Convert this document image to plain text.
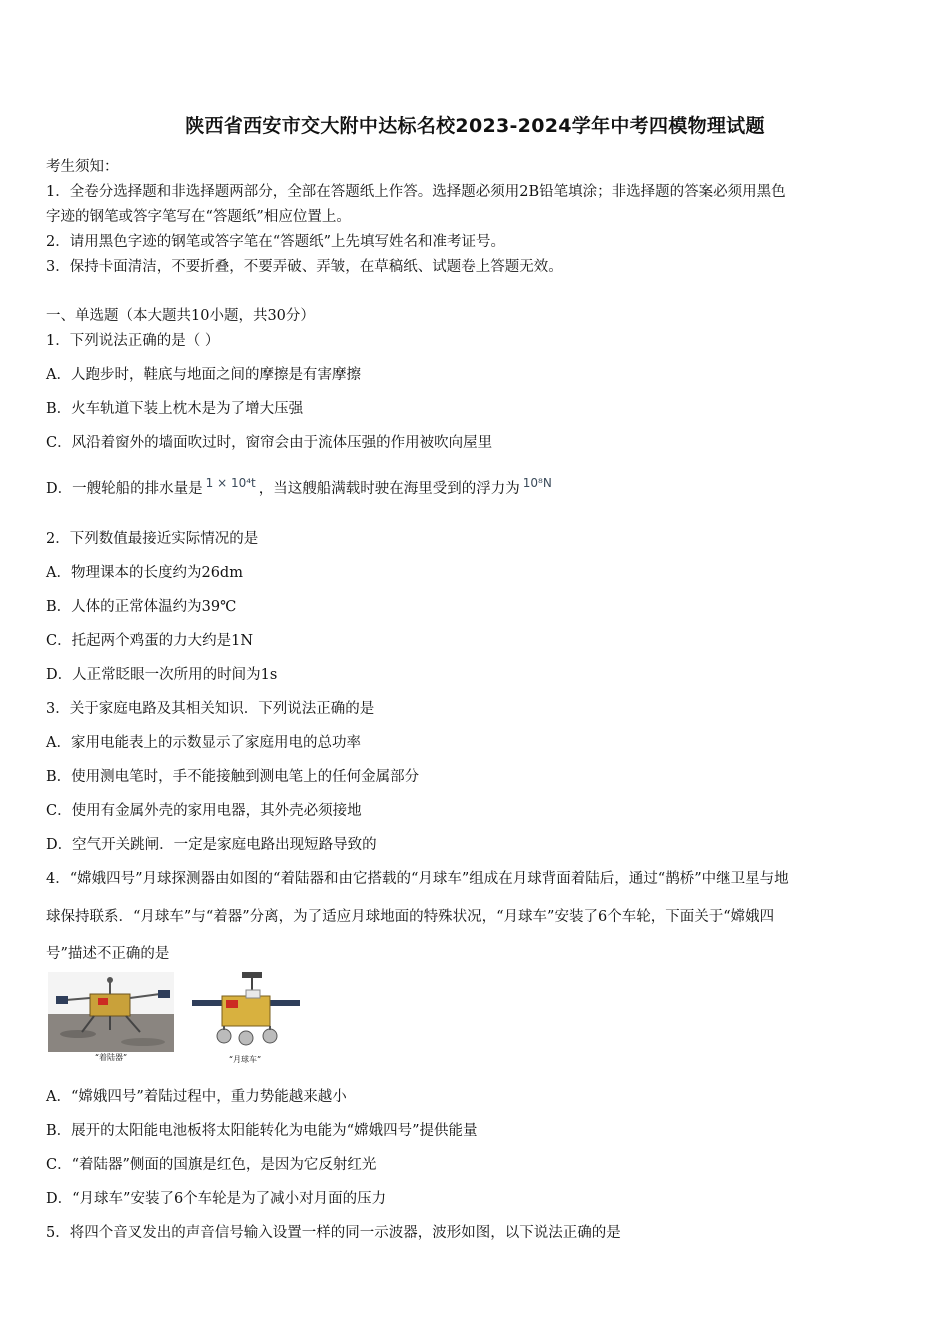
陕西省西安市交大附中达标名校2023-2024学年中考四模物理试题
考生须知：
1．全卷分选择题和非选择题两部分，全部在答题纸上作答。选择题必须用2B铅笔填涂；非选择题的答案必须用黑色
字迹的钢笔或答字笔写在“答题纸”相应位置上。
2．请用黑色字迹的钢笔或答字笔在“答题纸”上先填写姓名和准考证号。
3．保持卡面清洁，不要折叠，不要弄破、弄皱，在草稿纸、试题卷上答题无效。
一、单选题（本大题共10小题，共30分）
1．下列说法正确的是（ ）
A．人跑步时，鞋底与地面之间的摩擦是有害摩擦
B．火车轨道下装上枕木是为了增大压强
C．风沿着窗外的墙面吹过时，窗帘会由于流体压强的作用被吹向屋里
D．一艘轮船的排水量是 $^{1 \times 10^4t}$ ，当这艘船满载时驶在海里受到的浮力为 $^{10^8N}$
2．下列数值最接近实际情况的是
A．物理课本的长度约为26dm
B．人体的正常体温约为39℃
C．托起两个鸡蛋的力大约是1N
D．人正常眨眼一次所用的时间为1s
3．关于家庭电路及其相关知识．下列说法正确的是
A．家用电能表上的示数显示了家庭用电的总功率
B．使用测电笔时，手不能接触到测电笔上的任何金属部分
C．使用有金属外壳的家用电器，其外壳必须接地
D．空气开关跳闸．一定是家庭电路出现短路导致的
4．“嫦娥四号”月球探测器由如图的“着陆器和由它搭载的“月球车”组成在月球背面着陆后，通过“鹊桥”中继卫星与地
球保持联系．“月球车”与“着器”分离，为了适应月球地面的特殊状况，“月球车”安装了6个车轮，下面关于“嫦娥四
号”描述不正确的是
“着陆器”	“月球车”
A．“嫦娥四号”着陆过程中，重力势能越来越小
B．展开的太阳能电池板将太阳能转化为电能为“嫦娥四号”提供能量
C．“着陆器”侧面的国旗是红色，是因为它反射红光
D．“月球车”安装了6个车轮是为了减小对月面的压力
5．将四个音叉发出的声音信号输入设置一样的同一示波器，波形如图，以下说法正确的是
